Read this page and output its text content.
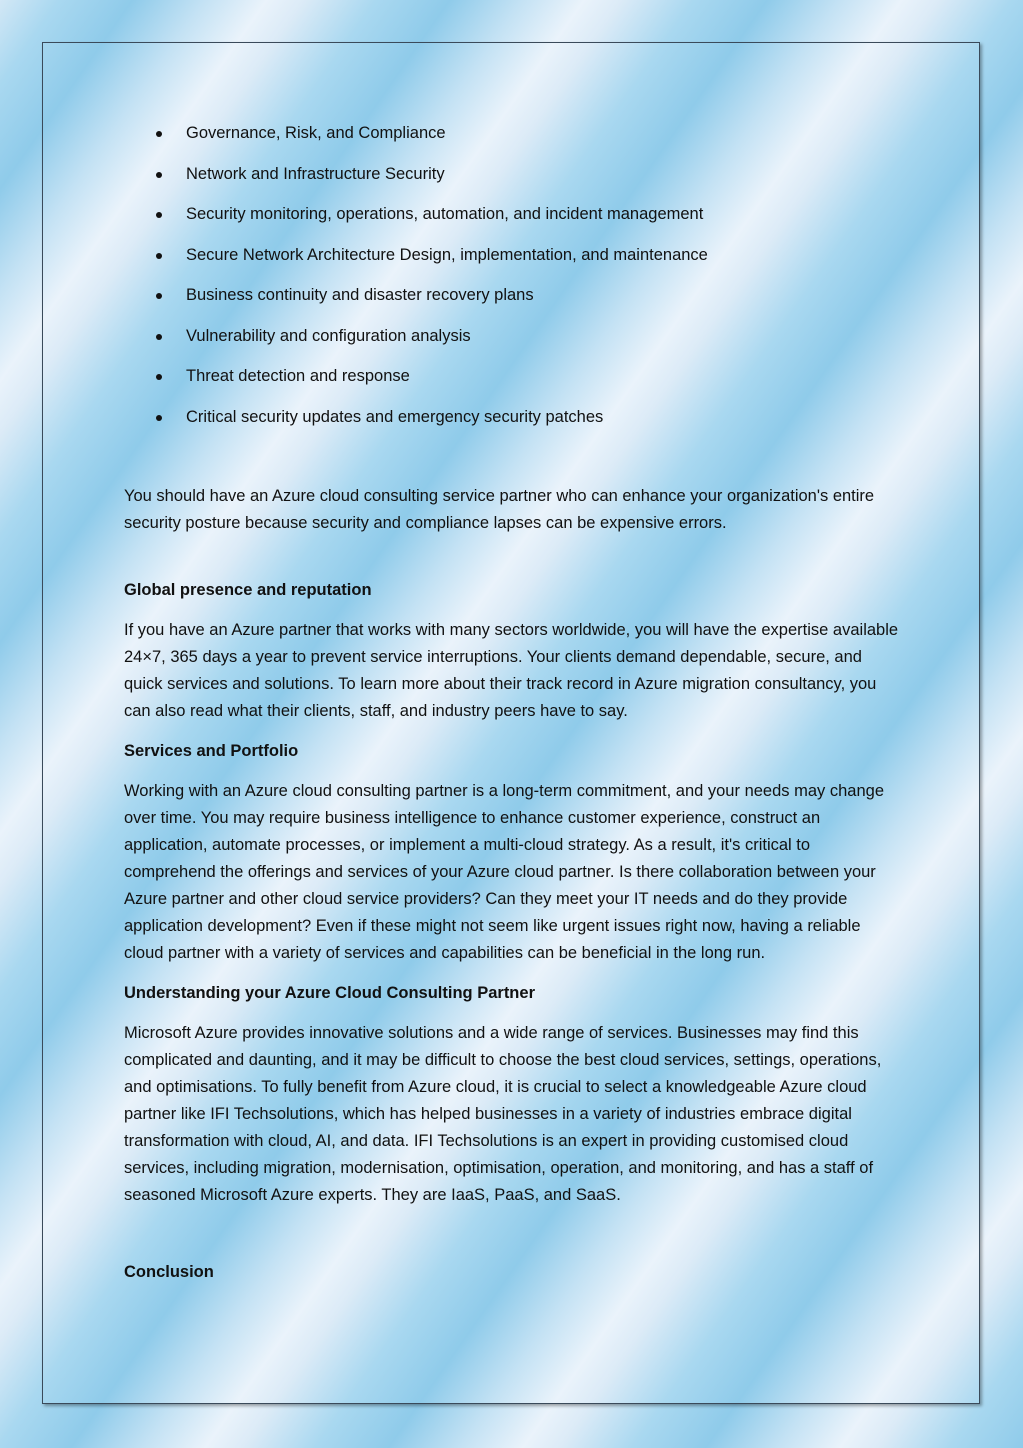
Governance, Risk, and Compliance
Network and Infrastructure Security
Security monitoring, operations, automation, and incident management
Secure Network Architecture Design, implementation, and maintenance
Business continuity and disaster recovery plans
Vulnerability and configuration analysis
Threat detection and response
Critical security updates and emergency security patches

You should have an Azure cloud consulting service partner who can enhance your organization's entire security posture because security and compliance lapses can be expensive errors.

Global presence and reputation

If you have an Azure partner that works with many sectors worldwide, you will have the expertise available 24×7, 365 days a year to prevent service interruptions. Your clients demand dependable, secure, and quick services and solutions. To learn more about their track record in Azure migration consultancy, you can also read what their clients, staff, and industry peers have to say.

Services and Portfolio

Working with an Azure cloud consulting partner is a long-term commitment, and your needs may change over time. You may require business intelligence to enhance customer experience, construct an application, automate processes, or implement a multi-cloud strategy. As a result, it's critical to comprehend the offerings and services of your Azure cloud partner. Is there collaboration between your Azure partner and other cloud service providers? Can they meet your IT needs and do they provide application development? Even if these might not seem like urgent issues right now, having a reliable cloud partner with a variety of services and capabilities can be beneficial in the long run.

Understanding your Azure Cloud Consulting Partner

Microsoft Azure provides innovative solutions and a wide range of services. Businesses may find this complicated and daunting, and it may be difficult to choose the best cloud services, settings, operations, and optimisations. To fully benefit from Azure cloud, it is crucial to select a knowledgeable Azure cloud partner like IFI Techsolutions, which has helped businesses in a variety of industries embrace digital transformation with cloud, AI, and data. IFI Techsolutions is an expert in providing customised cloud services, including migration, modernisation, optimisation, operation, and monitoring, and has a staff of seasoned Microsoft Azure experts. They are IaaS, PaaS, and SaaS.

Conclusion
